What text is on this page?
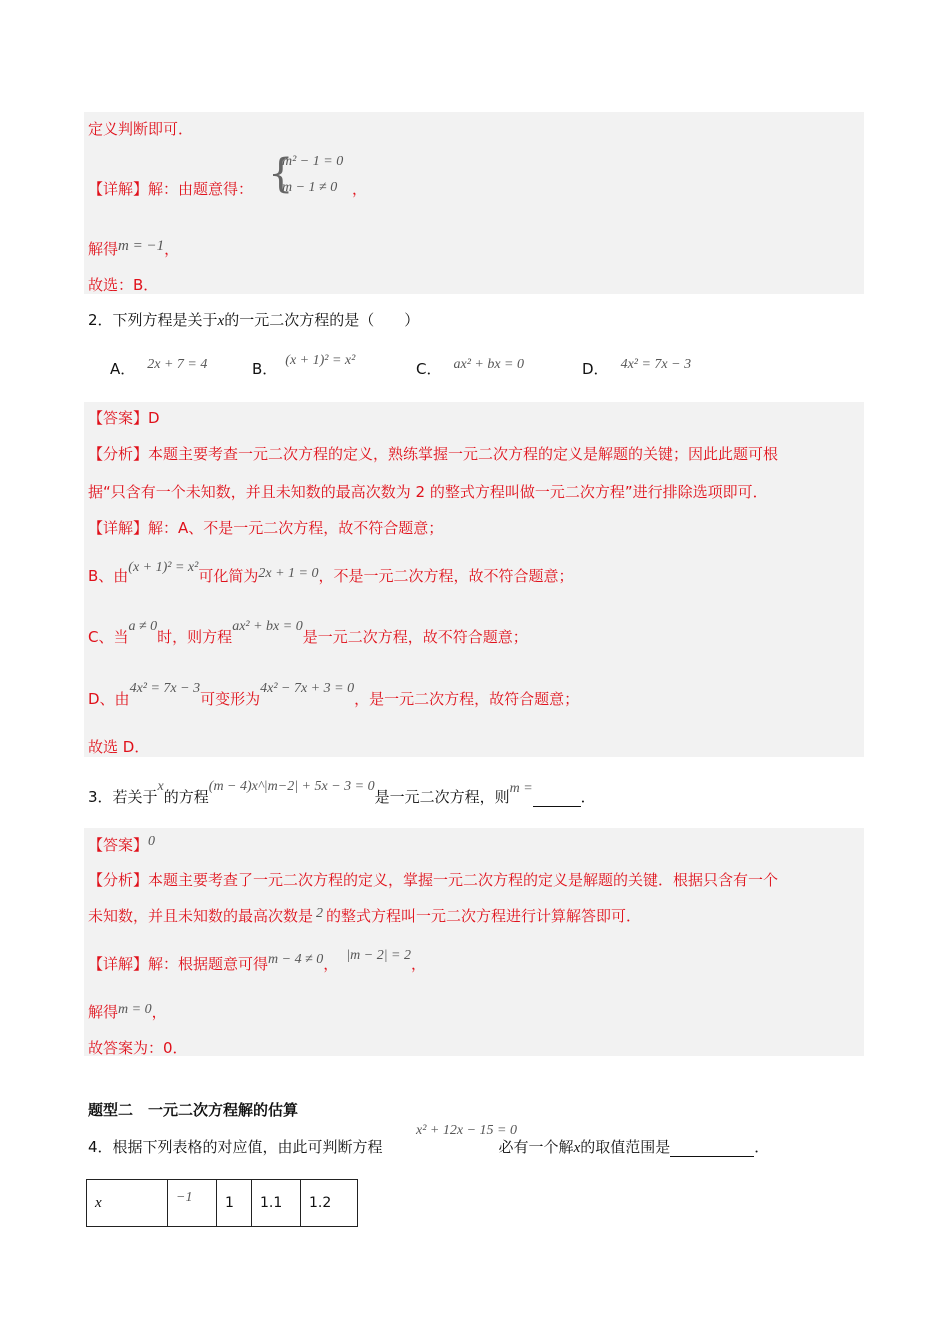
定义判断即可．
【详解】解：由题意得： {
m² − 1 = 0
m − 1 ≠ 0 ，
解得m = −1，
故选：B．
2．下列方程是关于x的一元二次方程的是（　　）
A． 2x + 7 = 4	B． (x + 1)² = x²	C． ax² + bx = 0	D． 4x² = 7x − 3
【答案】D
【分析】本题主要考查一元二次方程的定义，熟练掌握一元二次方程的定义是解题的关键；因此此题可根
据“只含有一个未知数，并且未知数的最高次数为 2 的整式方程叫做一元二次方程”进行排除选项即可．
【详解】解：A、不是一元二次方程，故不符合题意；
B、由(x + 1)² = x²可化简为2x + 1 = 0，不是一元二次方程，故不符合题意；
C、当a ≠ 0时，则方程ax² + bx = 0是一元二次方程，故不符合题意；
D、由4x² = 7x − 3可变形为4x² − 7x + 3 = 0，是一元二次方程，故符合题意；
故选 D．
3．若关于x的方程(m − 4)x^|m−2| + 5x − 3 = 0是一元二次方程，则m =	．
【答案】0
【分析】本题主要考查了一元二次方程的定义，掌握一元二次方程的定义是解题的关键．根据只含有一个
未知数，并且未知数的最高次数是 2 的整式方程叫一元二次方程进行计算解答即可．
【详解】解：根据题意可得m − 4 ≠ 0， |m − 2| = 2，
解得m = 0，
故答案为：0．
题型二　一元二次方程解的估算
x² + 12x − 15 = 0
4．根据下列表格的对应值，由此可判断方程	必有一个解x的取值范围是	．
x	−1	1	1.1	1.2
